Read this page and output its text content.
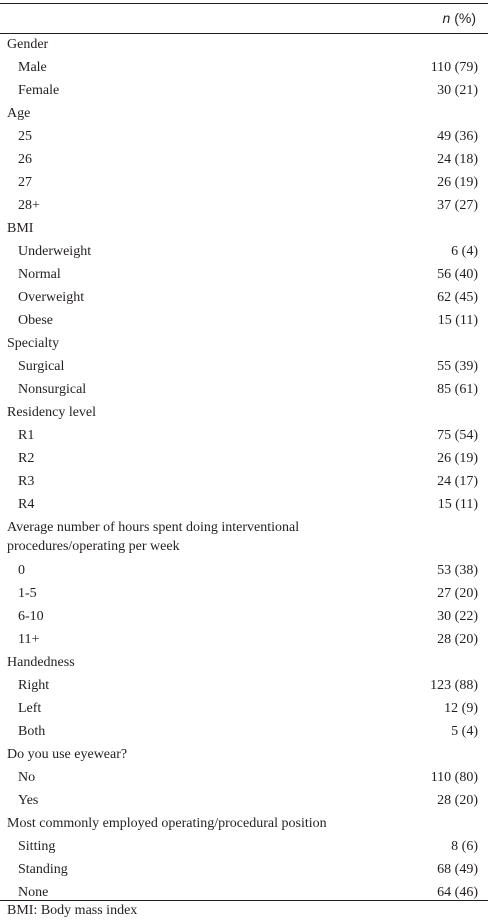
n (%)
Gender
Male	110 (79)
Female	30 (21)
Age
25	49 (36)
26	24 (18)
27	26 (19)
28+	37 (27)
BMI
Underweight	6 (4)
Normal	56 (40)
Overweight	62 (45)
Obese	15 (11)
Specialty
Surgical	55 (39)
Nonsurgical	85 (61)
Residency level
R1	75 (54)
R2	26 (19)
R3	24 (17)
R4	15 (11)
Average number of hours spent doing interventional procedures/operating per week
0	53 (38)
1-5	27 (20)
6-10	30 (22)
11+	28 (20)
Handedness
Right	123 (88)
Left	12 (9)
Both	5 (4)
Do you use eyewear?
No	110 (80)
Yes	28 (20)
Most commonly employed operating/procedural position
Sitting	8 (6)
Standing	68 (49)
None	64 (46)
BMI: Body mass index
